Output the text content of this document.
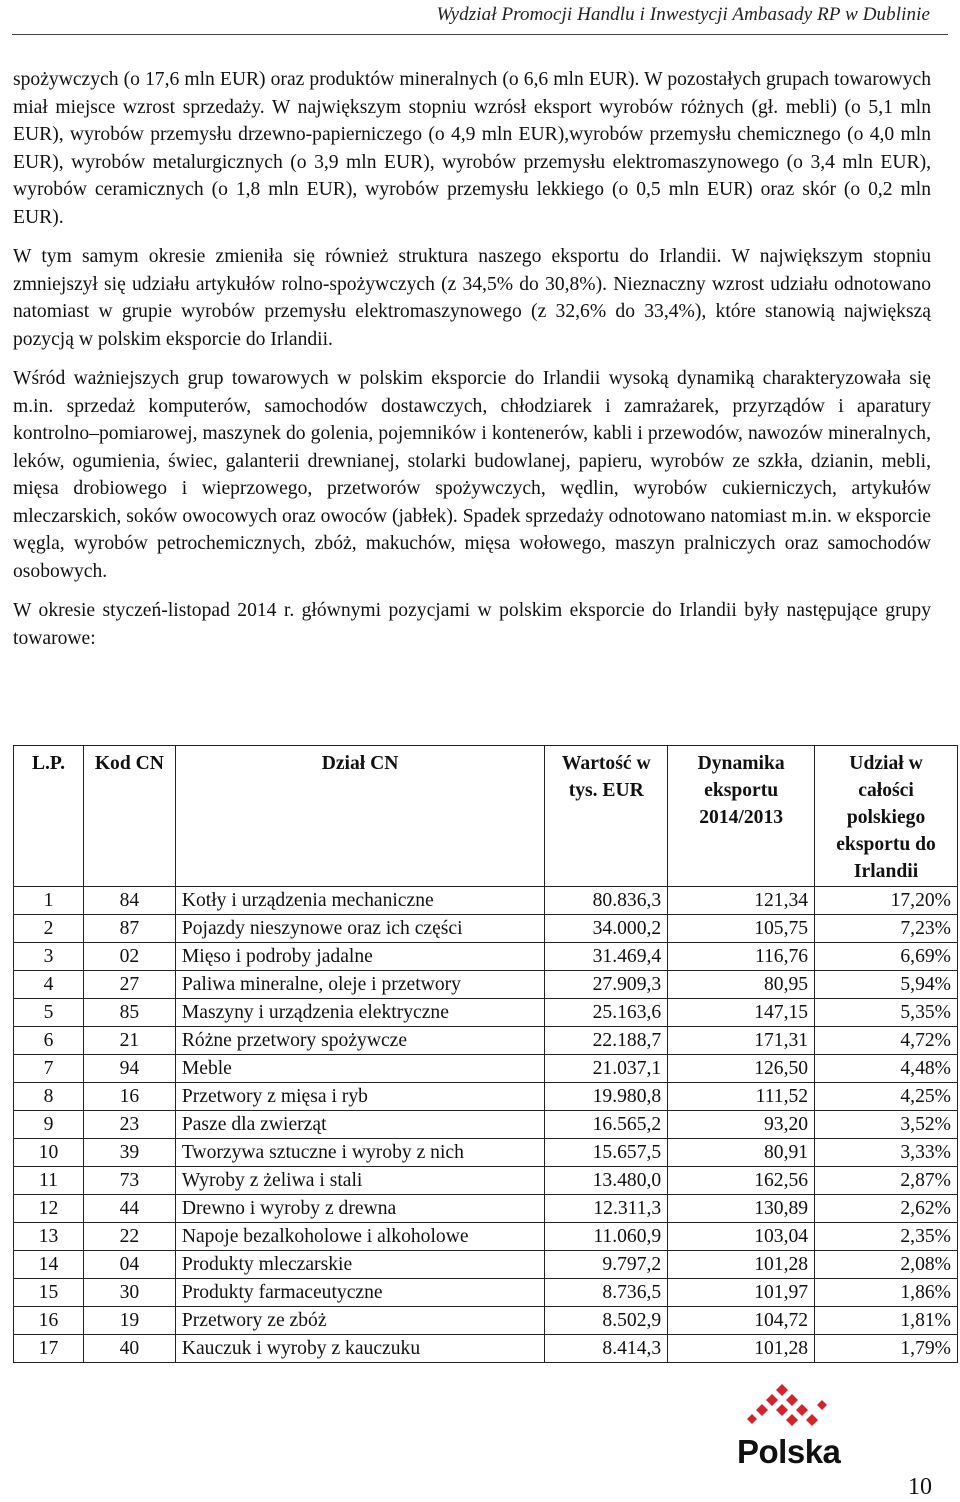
Wydział Promocji Handlu i Inwestycji Ambasady RP w Dublinie

spożywczych (o 17,6 mln EUR) oraz produktów mineralnych (o 6,6 mln EUR). W pozostałych grupach towarowych miał miejsce wzrost sprzedaży. W największym stopniu wzrósł eksport wyrobów różnych (gł. mebli) (o 5,1 mln EUR), wyrobów przemysłu drzewno-papierniczego (o 4,9 mln EUR),wyrobów przemysłu chemicznego (o 4,0 mln EUR), wyrobów metalurgicznych (o 3,9 mln EUR), wyrobów przemysłu elektromaszynowego (o 3,4 mln EUR), wyrobów ceramicznych (o 1,8 mln EUR), wyrobów przemysłu lekkiego (o 0,5 mln EUR) oraz skór (o 0,2 mln EUR).

W tym samym okresie zmieniła się również struktura naszego eksportu do Irlandii. W największym stopniu zmniejszył się udziału artykułów rolno-spożywczych (z 34,5% do 30,8%). Nieznaczny wzrost udziału odnotowano natomiast w grupie wyrobów przemysłu elektromaszynowego (z 32,6% do 33,4%), które stanowią największą pozycją w polskim eksporcie do Irlandii.

Wśród ważniejszych grup towarowych w polskim eksporcie do Irlandii wysoką dynamiką charakteryzowała się m.in. sprzedaż komputerów, samochodów dostawczych, chłodziarek i zamrażarek, przyrządów i aparatury kontrolno–pomiarowej, maszynek do golenia, pojemników i kontenerów, kabli i przewodów, nawozów mineralnych, leków, ogumienia, świec, galanterii drewnianej, stolarki budowlanej, papieru, wyrobów ze szkła, dzianin, mebli, mięsa drobiowego i wieprzowego, przetworów spożywczych, wędlin, wyrobów cukierniczych, artykułów mleczarskich, soków owocowych oraz owoców (jabłek). Spadek sprzedaży odnotowano natomiast m.in. w eksporcie węgla, wyrobów petrochemicznych, zbóż, makuchów, mięsa wołowego, maszyn pralniczych oraz samochodów osobowych.

W okresie styczeń-listopad 2014 r. głównymi pozycjami w polskim eksporcie do Irlandii były następujące grupy towarowe:

L.P.	Kod CN	Dział CN	Wartość w tys. EUR	Dynamika eksportu 2014/2013	Udział w całości polskiego eksportu do Irlandii
1	84	Kotły i urządzenia mechaniczne	80.836,3	121,34	17,20%
2	87	Pojazdy nieszynowe oraz ich części	34.000,2	105,75	7,23%
3	02	Mięso i podroby jadalne	31.469,4	116,76	6,69%
4	27	Paliwa mineralne, oleje i przetwory	27.909,3	80,95	5,94%
5	85	Maszyny i urządzenia elektryczne	25.163,6	147,15	5,35%
6	21	Różne przetwory spożywcze	22.188,7	171,31	4,72%
7	94	Meble	21.037,1	126,50	4,48%
8	16	Przetwory z mięsa i ryb	19.980,8	111,52	4,25%
9	23	Pasze dla zwierząt	16.565,2	93,20	3,52%
10	39	Tworzywa sztuczne i wyroby z nich	15.657,5	80,91	3,33%
11	73	Wyroby z żeliwa i stali	13.480,0	162,56	2,87%
12	44	Drewno i wyroby z drewna	12.311,3	130,89	2,62%
13	22	Napoje bezalkoholowe i alkoholowe	11.060,9	103,04	2,35%
14	04	Produkty mleczarskie	9.797,2	101,28	2,08%
15	30	Produkty farmaceutyczne	8.736,5	101,97	1,86%
16	19	Przetwory ze zbóż	8.502,9	104,72	1,81%
17	40	Kauczuk i wyroby z kauczuku	8.414,3	101,28	1,79%
Polska
10
